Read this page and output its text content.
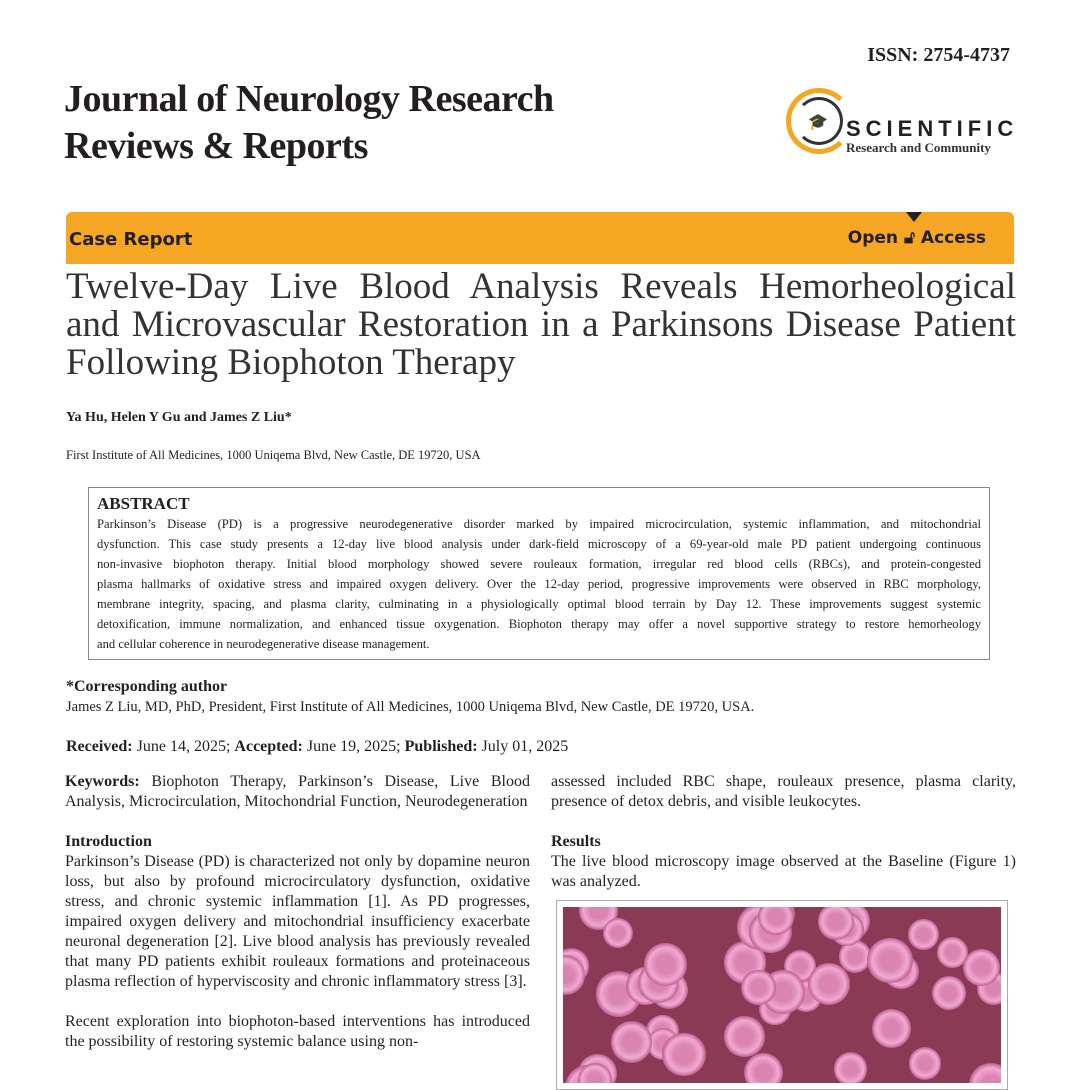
ISSN: 2754-4737
Journal of Neurology Research
Reviews & Reports
🎓 SCIENTIFIC
Research and Community
Case Report	Open 🔓︎ Access
Twelve-Day Live Blood Analysis Reveals Hemorheological and Microvascular Restoration in a Parkinsons Disease Patient Following Biophoton Therapy
Ya Hu, Helen Y Gu and James Z Liu*
First Institute of All Medicines, 1000 Uniqema Blvd, New Castle, DE 19720, USA
ABSTRACT
Parkinson’s Disease (PD) is a progressive neurodegenerative disorder marked by impaired microcirculation, systemic inflammation, and mitochondrial
dysfunction. This case study presents a 12-day live blood analysis under dark-field microscopy of a 69-year-old male PD patient undergoing continuous
non-invasive biophoton therapy. Initial blood morphology showed severe rouleaux formation, irregular red blood cells (RBCs), and protein-congested
plasma hallmarks of oxidative stress and impaired oxygen delivery. Over the 12-day period, progressive improvements were observed in RBC morphology,
membrane integrity, spacing, and plasma clarity, culminating in a physiologically optimal blood terrain by Day 12. These improvements suggest systemic
detoxification, immune normalization, and enhanced tissue oxygenation. Biophoton therapy may offer a novel supportive strategy to restore hemorheology
and cellular coherence in neurodegenerative disease management.
*Corresponding author
James Z Liu, MD, PhD, President, First Institute of All Medicines, 1000 Uniqema Blvd, New Castle, DE 19720, USA.
Received: June 14, 2025; Accepted: June 19, 2025; Published: July 01, 2025

Keywords: Biophoton Therapy, Parkinson’s Disease, Live Blood Analysis, Microcirculation, Mitochondrial Function, Neurodegeneration

Introduction

Parkinson’s Disease (PD) is characterized not only by dopamine neuron loss, but also by profound microcirculatory dysfunction, oxidative stress, and chronic systemic inflammation [1]. As PD progresses, impaired oxygen delivery and mitochondrial insufficiency exacerbate neuronal degeneration [2]. Live blood analysis has previously revealed that many PD patients exhibit rouleaux formations and proteinaceous plasma reflection of hyperviscosity and chronic inflammatory stress [3].

Recent exploration into biophoton-based interventions has introduced the possibility of restoring systemic balance using non-

assessed included RBC shape, rouleaux presence, plasma clarity, presence of detox debris, and visible leukocytes.

Results

The live blood microscopy image observed at the Baseline (Figure 1) was analyzed.
